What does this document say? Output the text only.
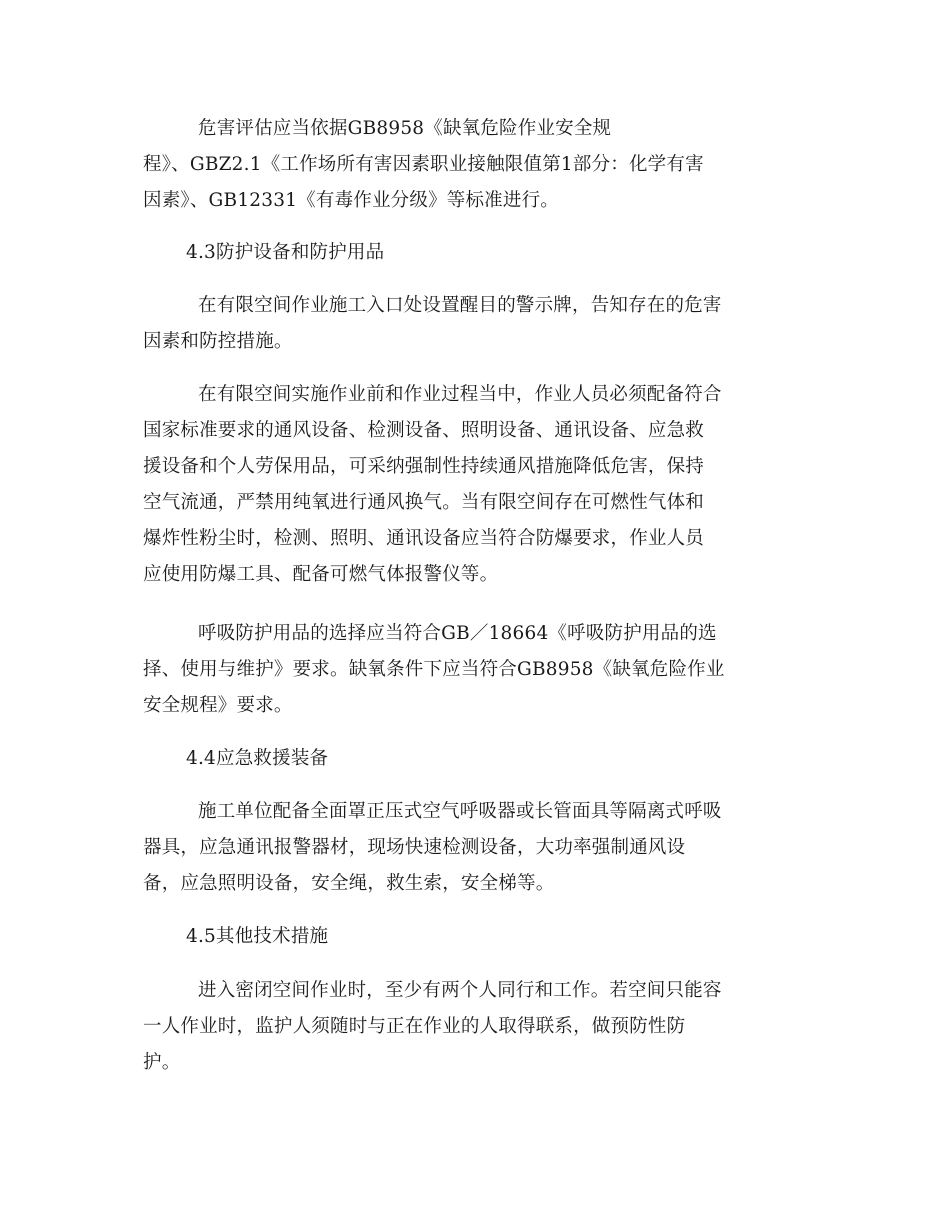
危害评估应当依据GB8958《缺氧危险作业安全规
程》、GBZ2.1《工作场所有害因素职业接触限值第1部分：化学有害
因素》、GB12331《有毒作业分级》等标准进行。
4.3防护设备和防护用品
在有限空间作业施工入口处设置醒目的警示牌，告知存在的危害
因素和防控措施。
在有限空间实施作业前和作业过程当中，作业人员必须配备符合
国家标准要求的通风设备、检测设备、照明设备、通讯设备、应急救
援设备和个人劳保用品，可采纳强制性持续通风措施降低危害，保持
空气流通，严禁用纯氧进行通风换气。当有限空间存在可燃性气体和
爆炸性粉尘时，检测、照明、通讯设备应当符合防爆要求，作业人员
应使用防爆工具、配备可燃气体报警仪等。
呼吸防护用品的选择应当符合GB／18664《呼吸防护用品的选
择、使用与维护》要求。缺氧条件下应当符合GB8958《缺氧危险作业
安全规程》要求。
4.4应急救援装备
施工单位配备全面罩正压式空气呼吸器或长管面具等隔离式呼吸
器具，应急通讯报警器材，现场快速检测设备，大功率强制通风设
备，应急照明设备，安全绳，救生索，安全梯等。
4.5其他技术措施
进入密闭空间作业时，至少有两个人同行和工作。若空间只能容
一人作业时，监护人须随时与正在作业的人取得联系，做预防性防
护。
